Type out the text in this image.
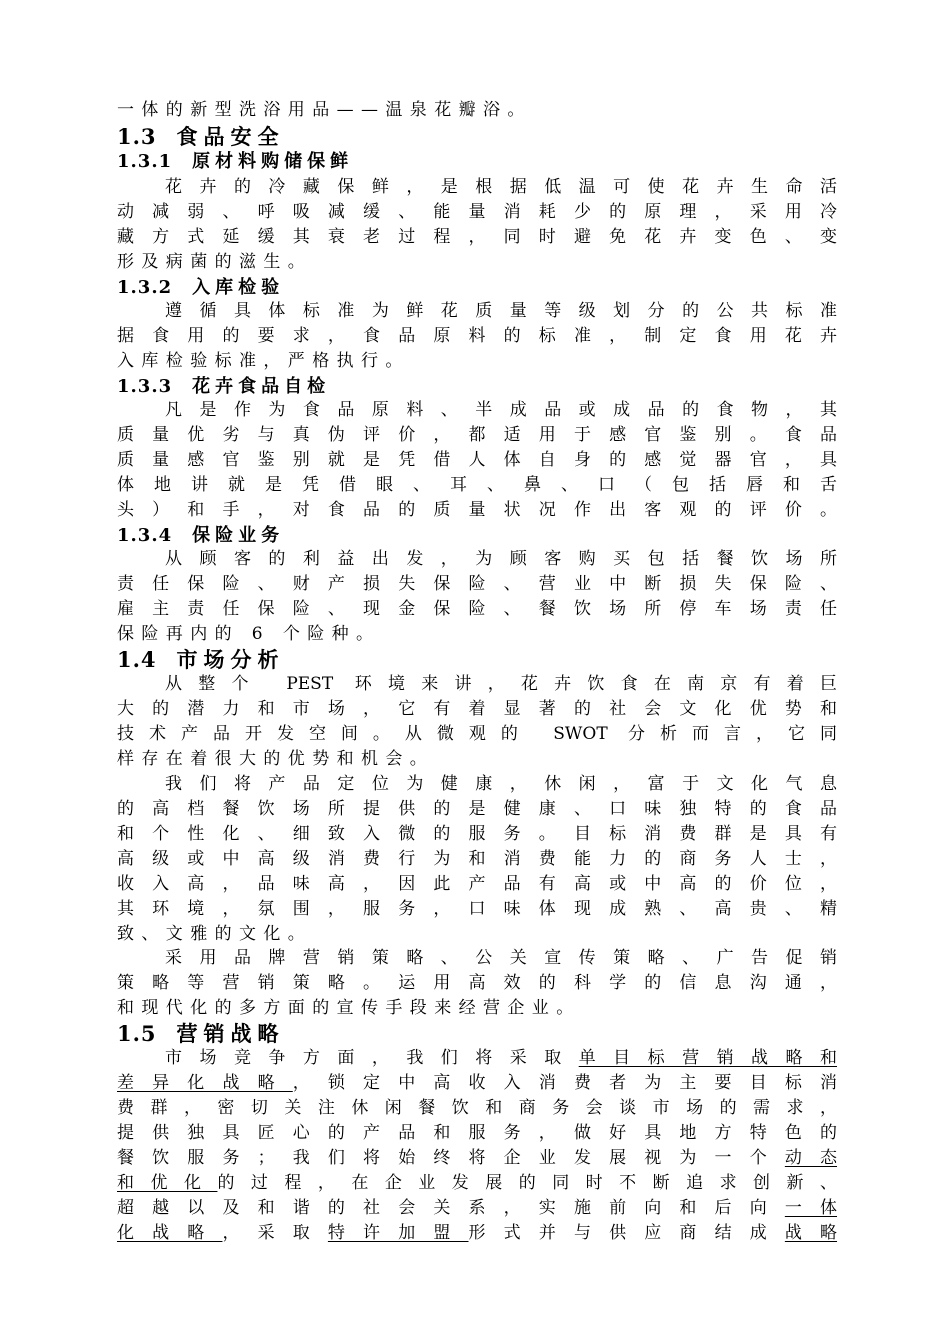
一体的新型洗浴用品——温泉花瓣浴。
1.3 食品安全
1.3.1 原材料购储保鲜
花卉的冷藏保鲜，是根据低温可使花卉生命活
动减弱、呼吸减缓、能量消耗少的原理，采用冷
藏方式延缓其衰老过程，同时避免花卉变色、变
形及病菌的滋生。
1.3.2 入库检验
遵循具体标准为鲜花质量等级划分的公共标准
据食用的要求，食品原料的标准，制定食用花卉
入库检验标准，严格执行。
1.3.3 花卉食品自检
凡是作为食品原料、半成品或成品的食物，其
质量优劣与真伪评价，都适用于感官鉴别。食品
质量感官鉴别就是凭借人体自身的感觉器官，具
体地讲就是凭借眼、耳、鼻、口（包括唇和舌
头）和手，对食品的质量状况作出客观的评价。
1.3.4 保险业务
从顾客的利益出发，为顾客购买包括餐饮场所
责任保险、财产损失保险、营业中断损失保险、
雇主责任保险、现金保险、餐饮场所停车场责任
保险再内的 6 个险种。
1.4 市场分析
从整个 PEST 环境来讲，花卉饮食在南京有着巨
大的潜力和市场，它有着显著的社会文化优势和
技术产品开发空间。从微观的 SWOT 分析而言，它同
样存在着很大的优势和机会。
我们将产品定位为健康，休闲，富于文化气息
的高档餐饮场所提供的是健康、口味独特的食品
和个性化、细致入微的服务。目标消费群是具有
高级或中高级消费行为和消费能力的商务人士，
收入高，品味高，因此产品有高或中高的价位，
其环境，氛围，服务，口味体现成熟、高贵、精
致、文雅的文化。
采用品牌营销策略、公关宣传策略、广告促销
策略等营销策略。运用高效的科学的信息沟通，
和现代化的多方面的宣传手段来经营企业。
1.5 营销战略
市场竞争方面，我们将采取单目标营销战略和
差异化战略，锁定中高收入消费者为主要目标消
费群，密切关注休闲餐饮和商务会谈市场的需求，
提供独具匠心的产品和服务，做好具地方特色的
餐饮服务；我们将始终将企业发展视为一个动态
和优化的过程，在企业发展的同时不断追求创新、
超越以及和谐的社会关系，实施前向和后向一体
化战略，采取特许加盟形式并与供应商结成战略
